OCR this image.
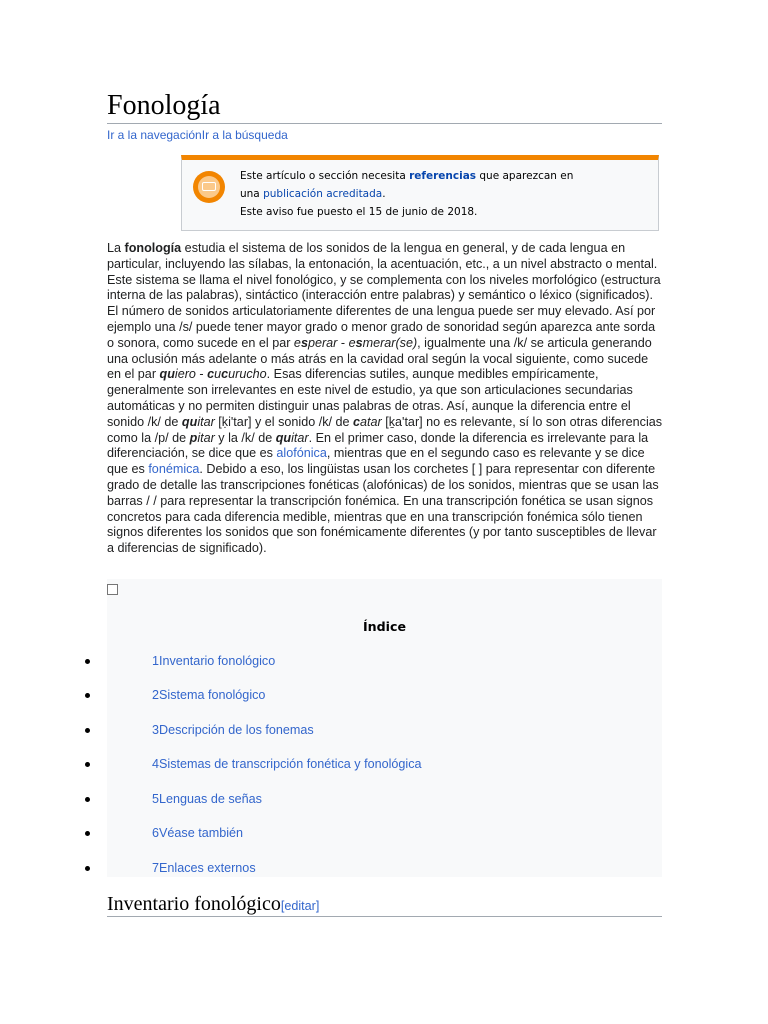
Fonología
Ir a la navegaciónIr a la búsqueda
Este artículo o sección necesita referencias que aparezcan en
una publicación acreditada.
Este aviso fue puesto el 15 de junio de 2018.

La fonología estudia el sistema de los sonidos de la lengua en general, y de cada lengua en particular, incluyendo las sílabas, la entonación, la acentuación, etc., a un nivel abstracto o mental. Este sistema se llama el nivel fonológico, y se complementa con los niveles morfológico (estructura interna de las palabras), sintáctico (interacción entre palabras) y semántico o léxico (significados). El número de sonidos articulatoriamente diferentes de una lengua puede ser muy elevado. Así por ejemplo una /s/ puede tener mayor grado o menor grado de sonoridad según aparezca ante sorda o sonora, como sucede en el par esperar - esmerar(se), igualmente una /k/ se articula generando una oclusión más adelante o más atrás en la cavidad oral según la vocal siguiente, como sucede en el par quiero - cucurucho. Esas diferencias sutiles, aunque medibles empíricamente, generalmente son irrelevantes en este nivel de estudio, ya que son articulaciones secundarias automáticas y no permiten distinguir unas palabras de otras. Así, aunque la diferencia entre el sonido /k/ de quitar [ḳi'tar] y el sonido /k/ de catar [ḵa'tar] no es relevante, sí lo son otras diferencias como la /p/ de pitar y la /k/ de quitar. En el primer caso, donde la diferencia es irrelevante para la diferenciación, se dice que es alofónica, mientras que en el segundo caso es relevante y se dice que es fonémica. Debido a eso, los lingüistas usan los corchetes [ ] para representar con diferente grado de detalle las transcripciones fonéticas (alofónicas) de los sonidos, mientras que se usan las barras / / para representar la transcripción fonémica. En una transcripción fonética se usan signos concretos para cada diferencia medible, mientras que en una transcripción fonémica sólo tienen signos diferentes los sonidos que son fonémicamente diferentes (y por tanto susceptibles de llevar a diferencias de significado).

Índice
1Inventario fonológico
2Sistema fonológico
3Descripción de los fonemas
4Sistemas de transcripción fonética y fonológica
5Lenguas de señas
6Véase también
7Enlaces externos
Inventario fonológico[editar]
